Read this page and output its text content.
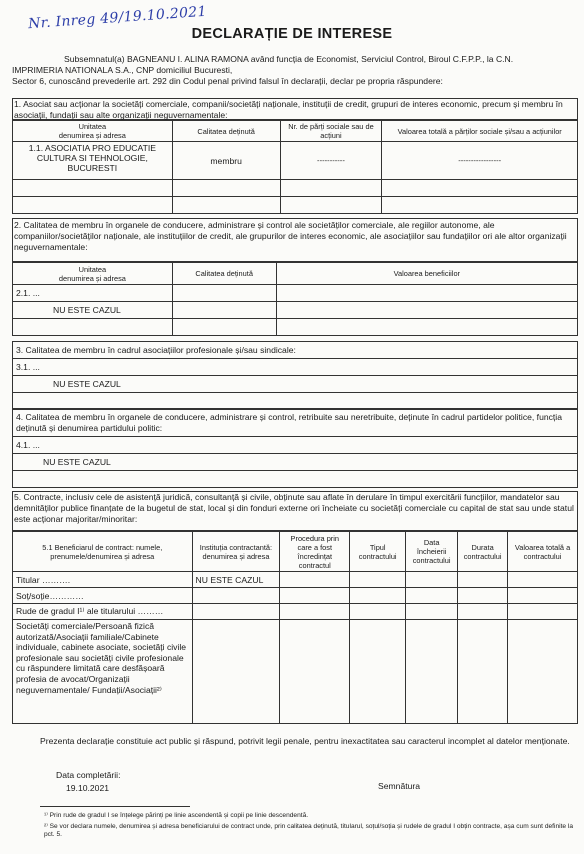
Nr. Inreg 49/19.10.2021
DECLARAȚIE DE INTERESE

Subsemnatul(a) BAGNEANU I. ALINA RAMONA având funcția de Economist, Serviciul Control, Biroul C.F.P.P., la C.N.

IMPRIMERIA NATIONALA S.A., CNP domiciliul Bucuresti,

Sector 6, cunoscând prevederile art. 292 din Codul penal privind falsul în declarații, declar pe propria răspundere:

1. Asociat sau acționar la societăți comerciale, companii/societăți naționale, instituții de credit, grupuri de interes economic, precum și membru în asociații, fundații sau alte organizații neguvernamentale:
Unitatea
denumirea și adresa	Calitatea deținută	Nr. de părți sociale sau de acțiuni	Valoarea totală a părților sociale și/sau a acțiunilor
1.1. ASOCIATIA PRO EDUCATIE CULTURA SI TEHNOLOGIE, BUCURESTI	membru	-----------	-----------------

2. Calitatea de membru în organele de conducere, administrare și control ale societăților comerciale, ale regiilor autonome, ale companiilor/societăților naționale, ale instituțiilor de credit, ale grupurilor de interes economic, ale asociațiilor sau fundațiilor ori ale altor organizații neguvernamentale:
Unitatea
denumirea și adresa	Calitatea deținută	Valoarea beneficiilor
2.1. ...		
NU ESTE CAZUL		

3. Calitatea de membru în cadrul asociațiilor profesionale și/sau sindicale:
3.1. ...
NU ESTE CAZUL

4. Calitatea de membru în organele de conducere, administrare și control, retribuite sau neretribuite, deținute în cadrul partidelor politice, funcția deținută și denumirea partidului politic:
4.1. ...
NU ESTE CAZUL

5. Contracte, inclusiv cele de asistență juridică, consultanță și civile, obținute sau aflate în derulare în timpul exercitării funcțiilor, mandatelor sau demnităților publice finanțate de la bugetul de stat, local și din fonduri externe ori încheiate cu societăți comerciale cu capital de stat sau unde statul este acționar majoritar/minoritar:
5.1 Beneficiarul de contract: numele, prenumele/denumirea și adresa	Instituția contractantă: denumirea și adresa	Procedura prin care a fost încredințat contractul	Tipul contractului	Data încheierii contractului	Durata contractului	Valoarea totală a contractului
Titular ……….	NU ESTE CAZUL					
Soț/soție…………						
Rude de gradul I¹⁾ ale titularului ………						
Societăți comerciale/Persoană fizică autorizată/Asociații familiale/Cabinete individuale, cabinete asociate, societăți civile profesionale sau societăți civile profesionale cu răspundere limitată care desfășoară profesia de avocat/Organizații neguvernamentale/ Fundații/Asociații²⁾						
Prezenta declarație constituie act public și răspund, potrivit legii penale, pentru inexactitatea sau caracterul incomplet al datelor menționate.
Data completării:
19.10.2021	Semnătura
¹⁾ Prin rude de gradul I se înțelege părinți pe linie ascendentă și copii pe linie descendentă.
²⁾ Se vor declara numele, denumirea și adresa beneficiarului de contract unde, prin calitatea deținută, titularul, soțul/soția și rudele de gradul I obțin contracte, așa cum sunt definite la pct. 5.
